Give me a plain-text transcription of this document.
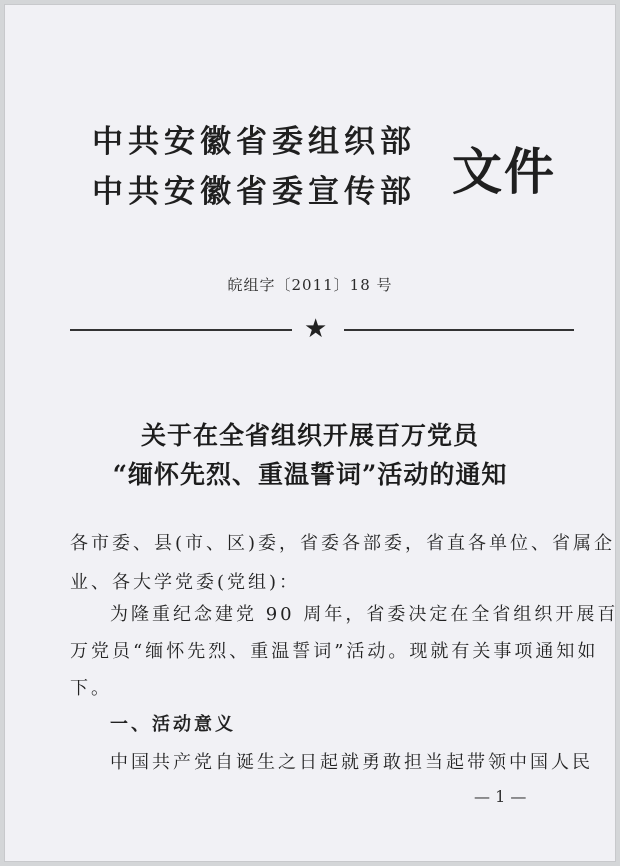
中共安徽省委组织部
中共安徽省委宣传部 文件
皖组字〔2011〕18 号
★
关于在全省组织开展百万党员
“缅怀先烈、重温誓词”活动的通知
各市委、县(市、区)委，省委各部委，省直各单位、省属企
业、各大学党委(党组)：
为隆重纪念建党 90 周年，省委决定在全省组织开展百
万党员“缅怀先烈、重温誓词”活动。现就有关事项通知如
下。
一、活动意义
中国共产党自诞生之日起就勇敢担当起带领中国人民
— 1 —
